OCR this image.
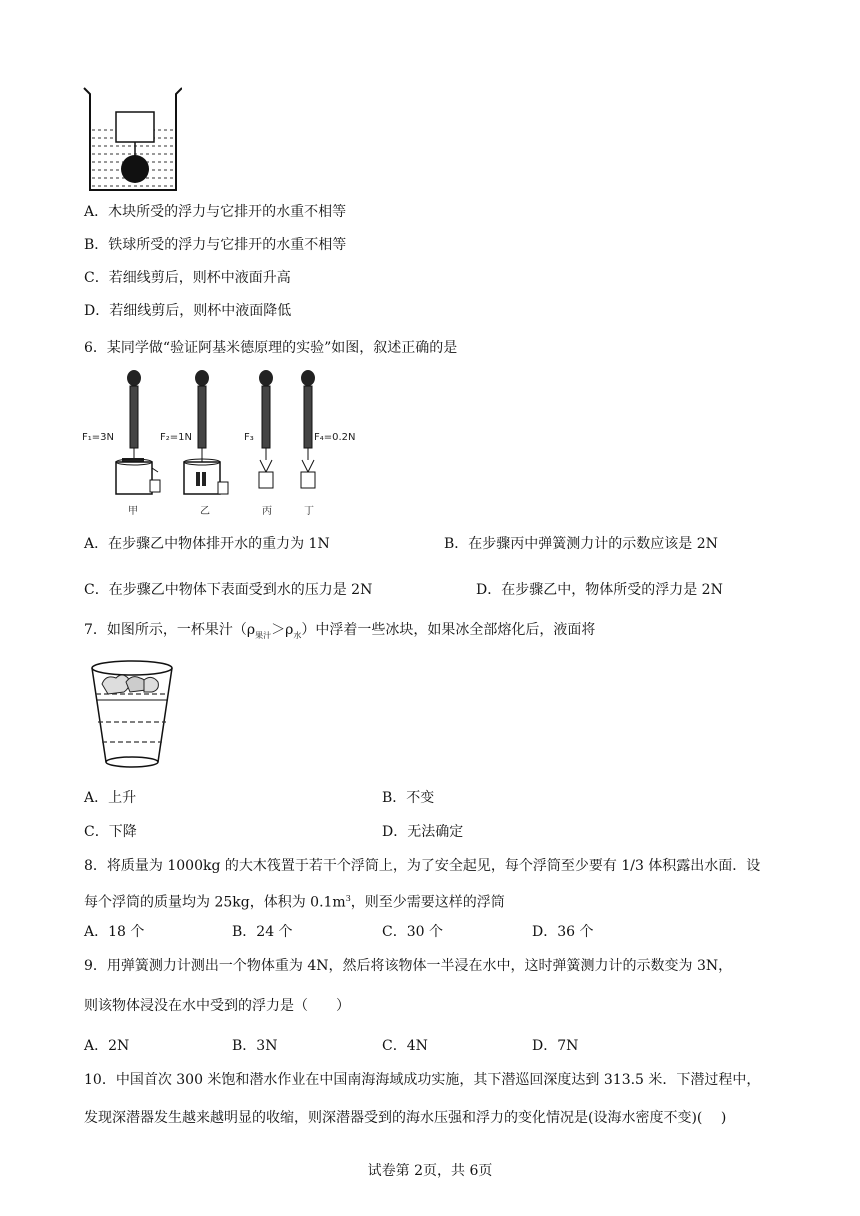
A．木块所受的浮力与它排开的水重不相等
B．铁球所受的浮力与它排开的水重不相等
C．若细线剪后，则杯中液面升高
D．若细线剪后，则杯中液面降低
6．某同学做“验证阿基米德原理的实验”如图，叙述正确的是
F₁=3N
甲
F₂=1N
乙
F₃
丙
F₄=0.2N
丁
A．在步骤乙中物体排开水的重力为 1N	B．在步骤丙中弹簧测力计的示数应该是 2N
C．在步骤乙中物体下表面受到水的压力是 2N	D．在步骤乙中，物体所受的浮力是 2N
7．如图所示，一杯果汁$(\rho_{果汁}>\rho_水)$中浮着一些冰块，如果冰全部熔化后，液面将
A．上升	B．不变
C．下降	D．无法确定
8．将质量为 1000kg 的大木筏置于若干个浮筒上，为了安全起见，每个浮筒至少要有 1/3 体积露出水面．设
每个浮筒的质量均为 25kg，体积为 $0.1m^3$，则至少需要这样的浮筒
A．18 个	B．24 个	C．30 个	D．36 个
9．用弹簧测力计测出一个物体重为 4N，然后将该物体一半浸在水中，这时弹簧测力计的示数变为 3N，
则该物体浸没在水中受到的浮力是（　　）
A．2N	B．3N	C．4N	D．7N
10．中国首次 300 米饱和潜水作业在中国南海海域成功实施，其下潜巡回深度达到 313.5 米．下潜过程中，
发现深潜器发生越来越明显的收缩，则深潜器受到的海水压强和浮力的变化情况是(设海水密度不变)(　 )
试卷第 2页，共 6页
